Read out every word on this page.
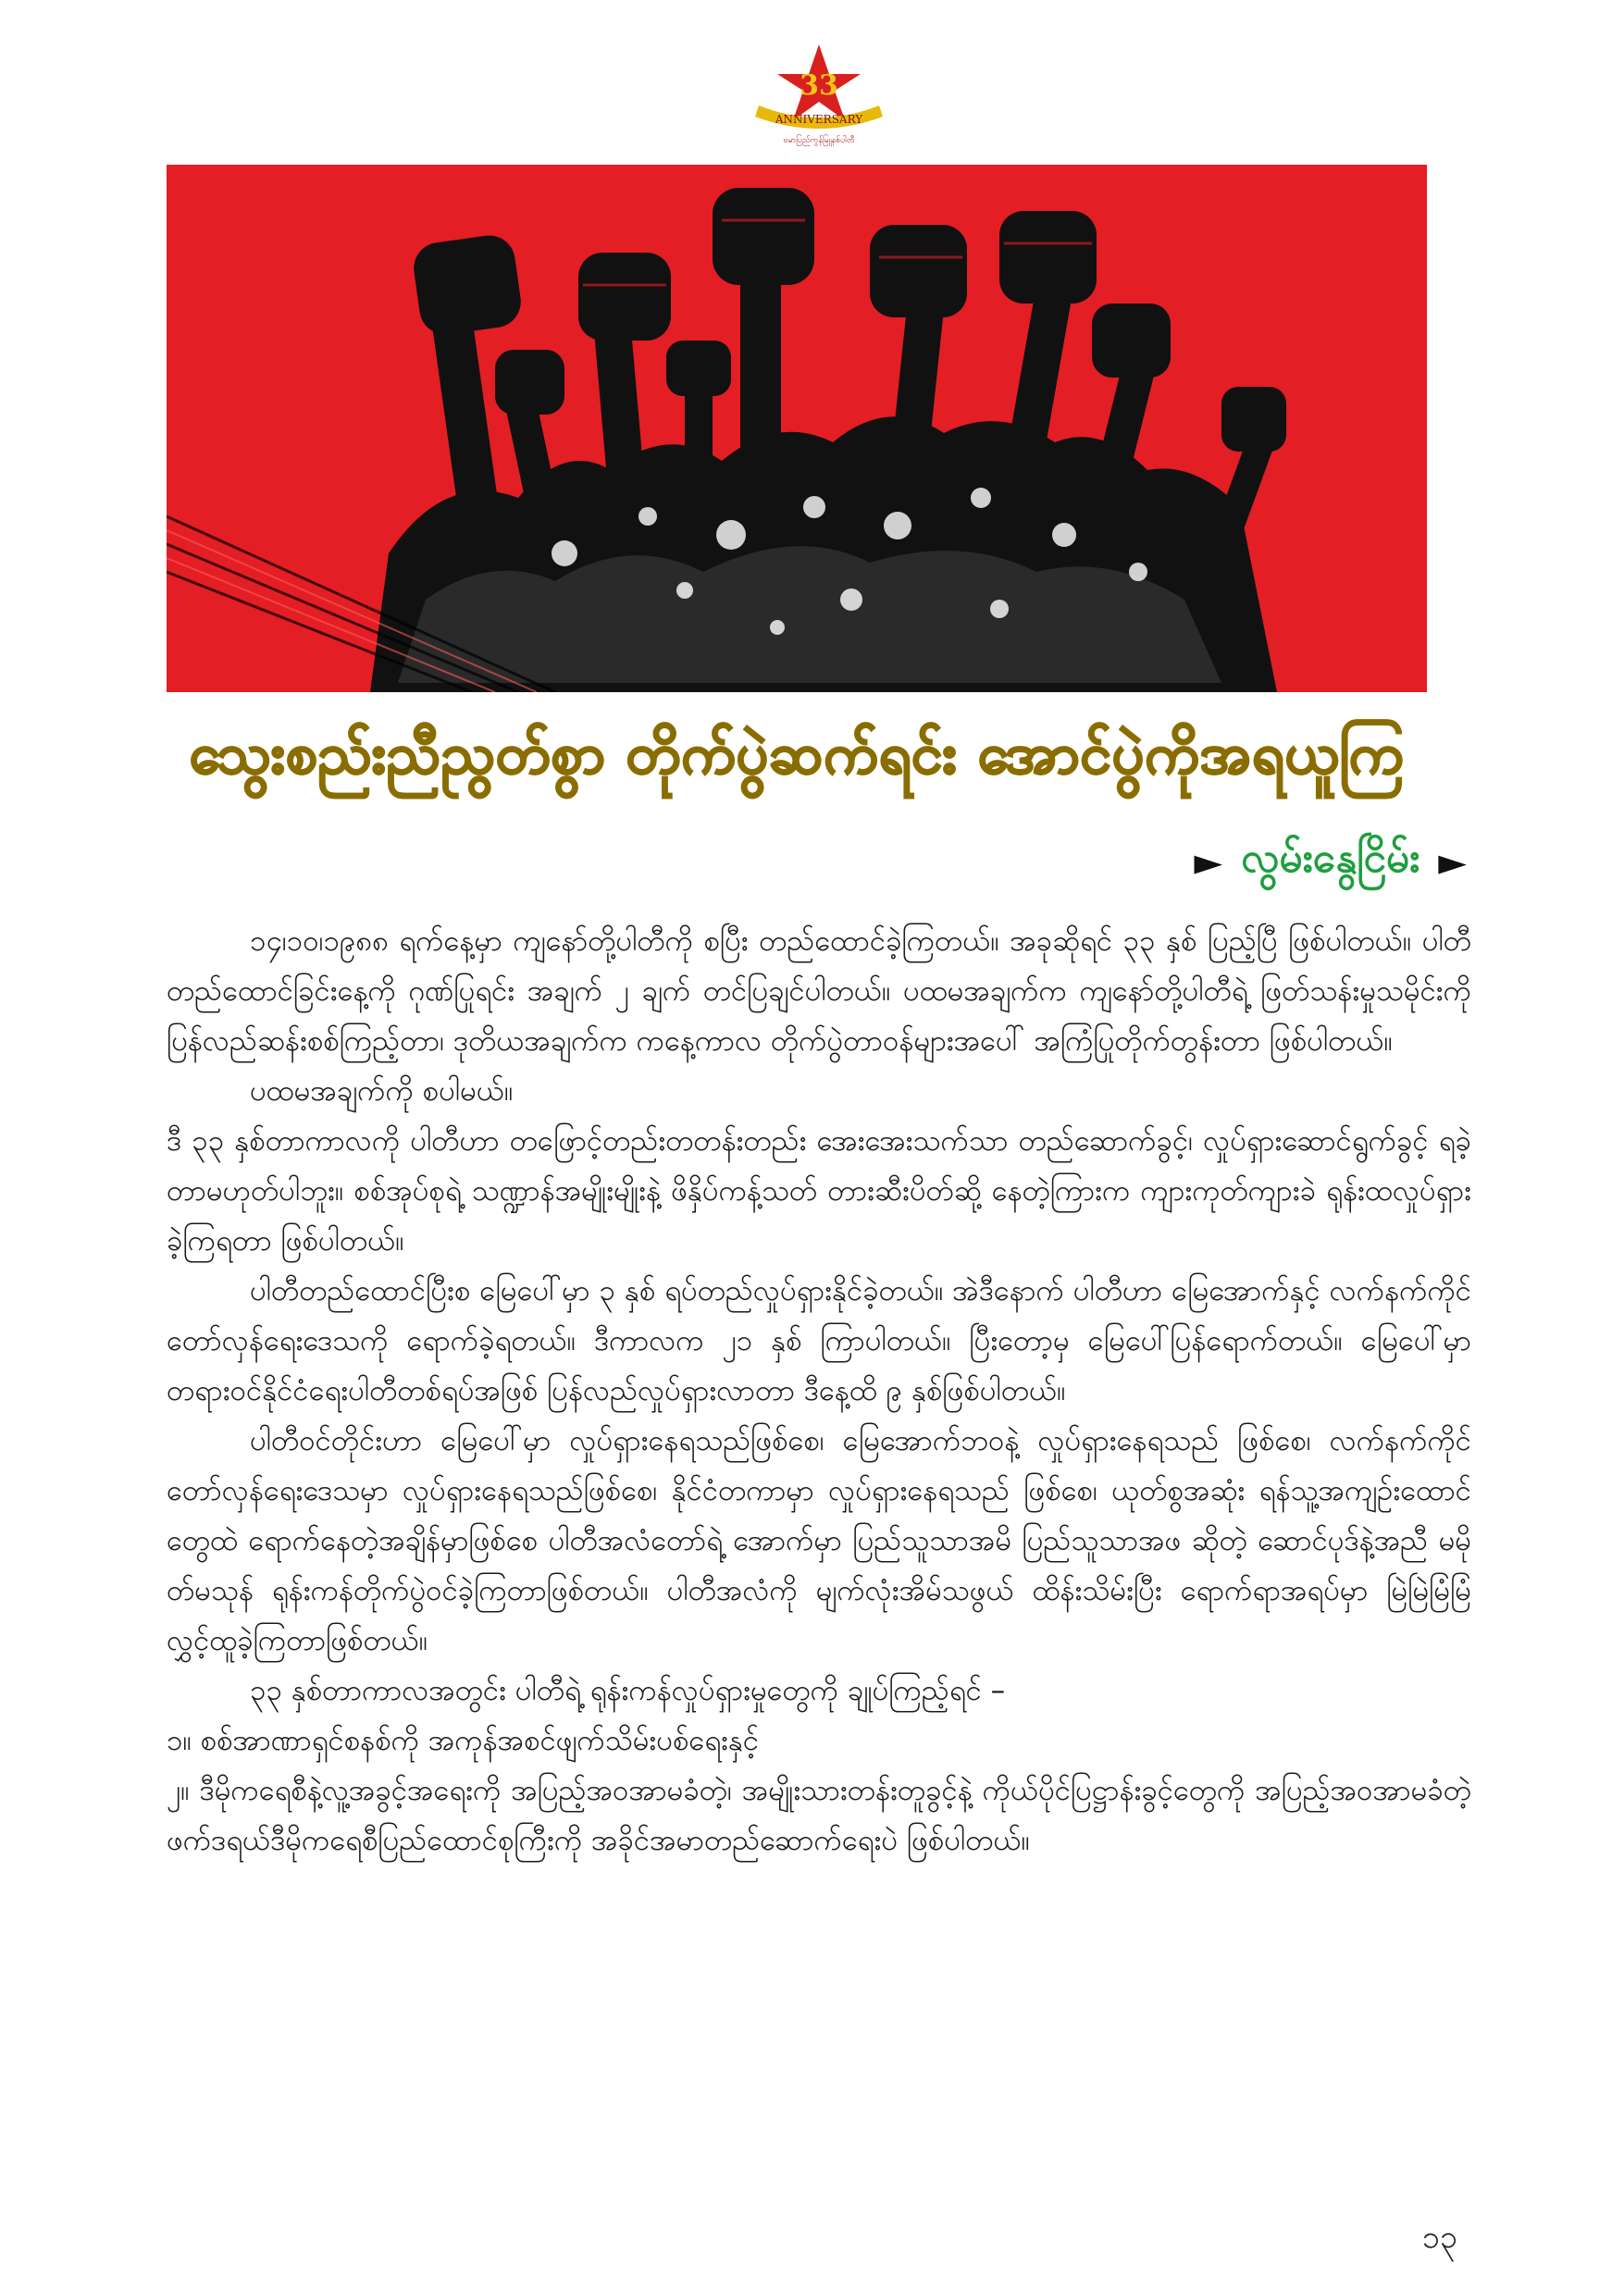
33
ANNIVERSARY
ဗမာပြည်ကွန်မြူနစ်ပါတီ
သွေးစည်းညီညွတ်စွာ တိုက်ပွဲဆက်ရင်း အောင်ပွဲကိုအရယူကြ
► လွမ်းနွေငြိမ်း ►

၁၄၊၁၀၊၁၉၈၈ ရက်နေ့မှာ ကျနော်တို့ပါတီကို စပြီး တည်ထောင်ခဲ့ကြတယ်။ အခုဆိုရင် ၃၃ နှစ် ပြည့်ပြီ ဖြစ်ပါတယ်။ ပါတီ တည်ထောင်ခြင်းနေ့ကို ဂုဏ်ပြုရင်း အချက် ၂ ချက် တင်ပြချင်ပါတယ်။ ပထမအချက်က ကျနော်တို့ပါတီရဲ့ ဖြတ်သန်းမှုသမိုင်းကို ပြန်လည်ဆန်းစစ်ကြည့်တာ၊ ဒုတိယအချက်က ကနေ့ကာလ တိုက်ပွဲတာဝန်များအပေါ် အကြံပြုတိုက်တွန်းတာ ဖြစ်ပါတယ်။

ပထမအချက်ကို စပါမယ်။

ဒီ ၃၃ နှစ်တာကာလကို ပါတီဟာ တဖြောင့်တည်းတတန်းတည်း အေးအေးသက်သာ တည်ဆောက်ခွင့်၊ လှုပ်ရှားဆောင်ရွက်ခွင့် ရခဲ့တာမဟုတ်ပါဘူး။ စစ်အုပ်စုရဲ့ သဏ္ဍာန်အမျိုးမျိုးနဲ့ ဖိနှိပ်ကန့်သတ် တားဆီးပိတ်ဆို့ နေတဲ့ကြားက ကျားကုတ်ကျားခဲ ရုန်းထလှုပ်ရှားခဲ့ကြရတာ ဖြစ်ပါတယ်။

ပါတီတည်ထောင်ပြီးစ မြေပေါ်မှာ ၃ နှစ် ရပ်တည်လှုပ်ရှားနိုင်ခဲ့တယ်။ အဲဒီနောက် ပါတီဟာ မြေအောက်နှင့် လက်နက်ကိုင်တော်လှန်ရေးဒေသကို ရောက်ခဲ့ရတယ်။ ဒီကာလက ၂၁ နှစ် ကြာပါတယ်။ ပြီးတော့မှ မြေပေါ်ပြန်ရောက်တယ်။ မြေပေါ်မှာ တရားဝင်နိုင်ငံရေးပါတီတစ်ရပ်အဖြစ် ပြန်လည်လှုပ်ရှားလာတာ ဒီနေ့ထိ ၉ နှစ်ဖြစ်ပါတယ်။

ပါတီဝင်တိုင်းဟာ မြေပေါ်မှာ လှုပ်ရှားနေရသည်ဖြစ်စေ၊ မြေအောက်ဘဝနဲ့ လှုပ်ရှားနေရသည် ဖြစ်စေ၊ လက်နက်ကိုင်တော်လှန်ရေးဒေသမှာ လှုပ်ရှားနေရသည်ဖြစ်စေ၊ နိုင်ငံတကာမှာ လှုပ်ရှားနေရသည် ဖြစ်စေ၊ ယုတ်စွအဆုံး ရန်သူ့အကျဉ်းထောင်တွေထဲ ရောက်နေတဲ့အချိန်မှာဖြစ်စေ ပါတီအလံတော်ရဲ့ အောက်မှာ ပြည်သူသာအမိ ပြည်သူသာအဖ ဆိုတဲ့ ဆောင်ပုဒ်နဲ့အညီ မမိုတ်မသုန် ရုန်းကန်တိုက်ပွဲဝင်ခဲ့ကြတာဖြစ်တယ်။ ပါတီအလံကို မျက်လုံးအိမ်သဖွယ် ထိန်းသိမ်းပြီး ရောက်ရာအရပ်မှာ မြဲမြဲမြံမြံ လွှင့်ထူခဲ့ကြတာဖြစ်တယ်။

၃၃ နှစ်တာကာလအတွင်း ပါတီရဲ့ ရုန်းကန်လှုပ်ရှားမှုတွေကို ချုပ်ကြည့်ရင် –

၁။ စစ်အာဏာရှင်စနစ်ကို အကုန်အစင်ဖျက်သိမ်းပစ်ရေးနှင့်

၂။ ဒီမိုကရေစီနဲ့လူ့အခွင့်အရေးကို အပြည့်အဝအာမခံတဲ့၊ အမျိုးသားတန်းတူခွင့်နဲ့ ကိုယ်ပိုင်ပြဋ္ဌာန်းခွင့်တွေကို အပြည့်အဝအာမခံတဲ့ ဖက်ဒရယ်ဒီမိုကရေစီပြည်ထောင်စုကြီးကို အခိုင်အမာတည်ဆောက်ရေးပဲ ဖြစ်ပါတယ်။

၁၃
